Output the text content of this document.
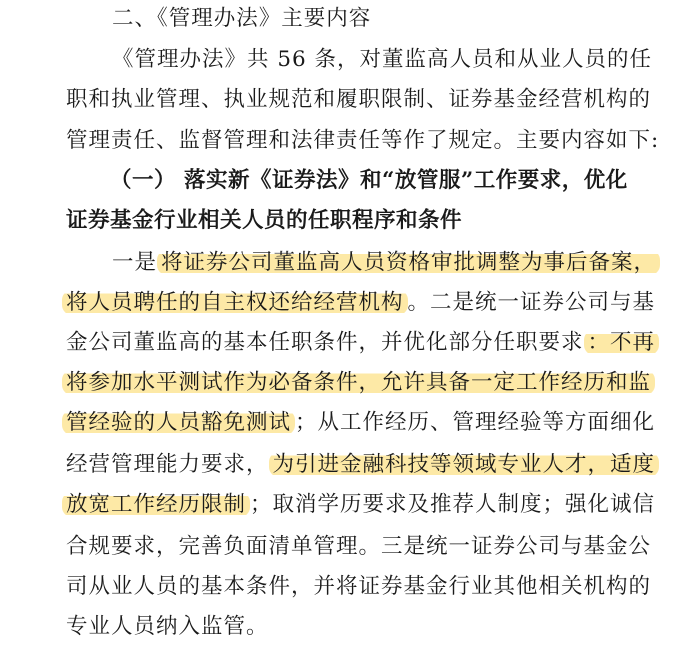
二、《管理办法》主要内容
《管理办法》共 56 条，对董监高人员和从业人员的任
职和执业管理、执业规范和履职限制、证券基金经营机构的
管理责任、监督管理和法律责任等作了规定。主要内容如下:
（一） 落实新《证券法》和“放管服”工作要求，优化
证券基金行业相关人员的任职程序和条件
一是 将证券公司董监高人员资格审批调整为事后备案，
将人员聘任的自主权还给经营机构 。二是统一证券公司与基
金公司董监高的基本任职条件，并优化部分任职要求 ：不再
将参加水平测试作为必备条件，允许具备一定工作经历和监
管经验的人员豁免测试 ；从工作经历、管理经验等方面细化
经营管理能力要求， 为引进金融科技等领域专业人才，适度
放宽工作经历限制 ；取消学历要求及推荐人制度；强化诚信
合规要求，完善负面清单管理。三是统一证券公司与基金公
司从业人员的基本条件，并将证券基金行业其他相关机构的
专业人员纳入监管。
